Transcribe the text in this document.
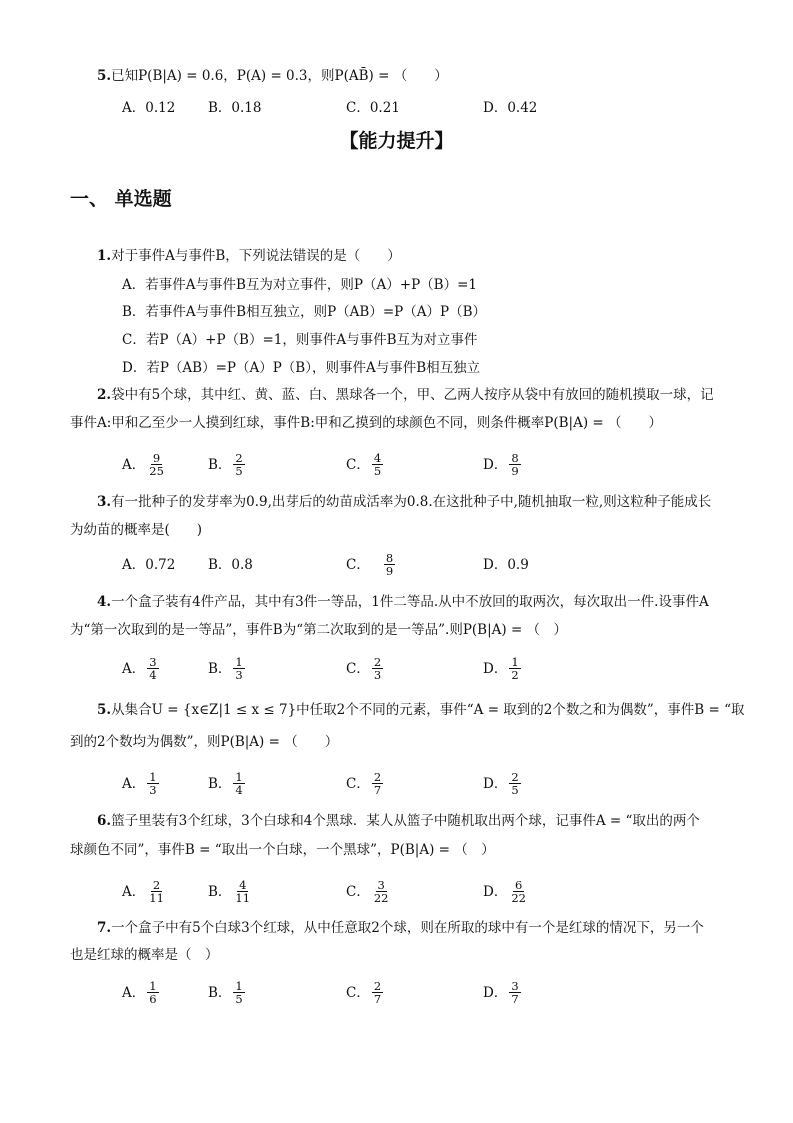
5.已知P(B|A) = 0.6，P(A) = 0.3，则P(AB̄) = （　　）
A． 0.12 B． 0.18	C． 0.21	D． 0.42
【能力提升】
一、 单选题
1.对于事件A与事件B，下列说法错误的是（　　）
A．若事件A与事件B互为对立事件，则P（A）+P（B）=1
B．若事件A与事件B相互独立，则P（AB）=P（A）P（B）
C．若P（A）+P（B）=1，则事件A与事件B互为对立事件
D．若P（AB）=P（A）P（B），则事件A与事件B相互独立
2.袋中有5个球，其中红、黄、蓝、白、黑球各一个，甲、乙两人按序从袋中有放回的随机摸取一球，记
事件A:甲和乙至少一人摸到红球，事件B:甲和乙摸到的球颜色不同，则条件概率P(B|A) = （　　）
A． $\frac{9}{25}$	B． $\frac{2}{5}$	C． $\frac{4}{5}$	D． $\frac{8}{9}$
3.有一批种子的发芽率为0.9,出芽后的幼苗成活率为0.8.在这批种子中,随机抽取一粒,则这粒种子能成长
为幼苗的概率是(　　)
A． 0.72 B． 0.8	C． $\frac{8}{9}$	D． 0.9
4.一个盒子装有4件产品，其中有3件一等品，1件二等品.从中不放回的取两次，每次取出一件.设事件A
为“第一次取到的是一等品”，事件B为“第二次取到的是一等品”.则P(B|A) = （　）
A． $\frac{3}{4}$	B． $\frac{1}{3}$	C． $\frac{2}{3}$	D． $\frac{1}{2}$
5.从集合U = {x∈Z|1 ≤ x ≤ 7}中任取2个不同的元素，事件“A = 取到的2个数之和为偶数”，事件B = “取
到的2个数均为偶数”，则P(B|A) = （　　）
A． $\frac{1}{3}$	B． $\frac{1}{4}$	C． $\frac{2}{7}$	D． $\frac{2}{5}$
6.篮子里装有3个红球，3个白球和4个黑球．某人从篮子中随机取出两个球，记事件A = “取出的两个
球颜色不同”，事件B = “取出一个白球，一个黑球”，P(B|A) = （　）
A． $\frac{2}{11}$	B． $\frac{4}{11}$	C． $\frac{3}{22}$	D． $\frac{6}{22}$
7.一个盒子中有5个白球3个红球，从中任意取2个球，则在所取的球中有一个是红球的情况下，另一个
也是红球的概率是（　）
A． $\frac{1}{6}$	B． $\frac{1}{5}$	C． $\frac{2}{7}$	D． $\frac{3}{7}$
